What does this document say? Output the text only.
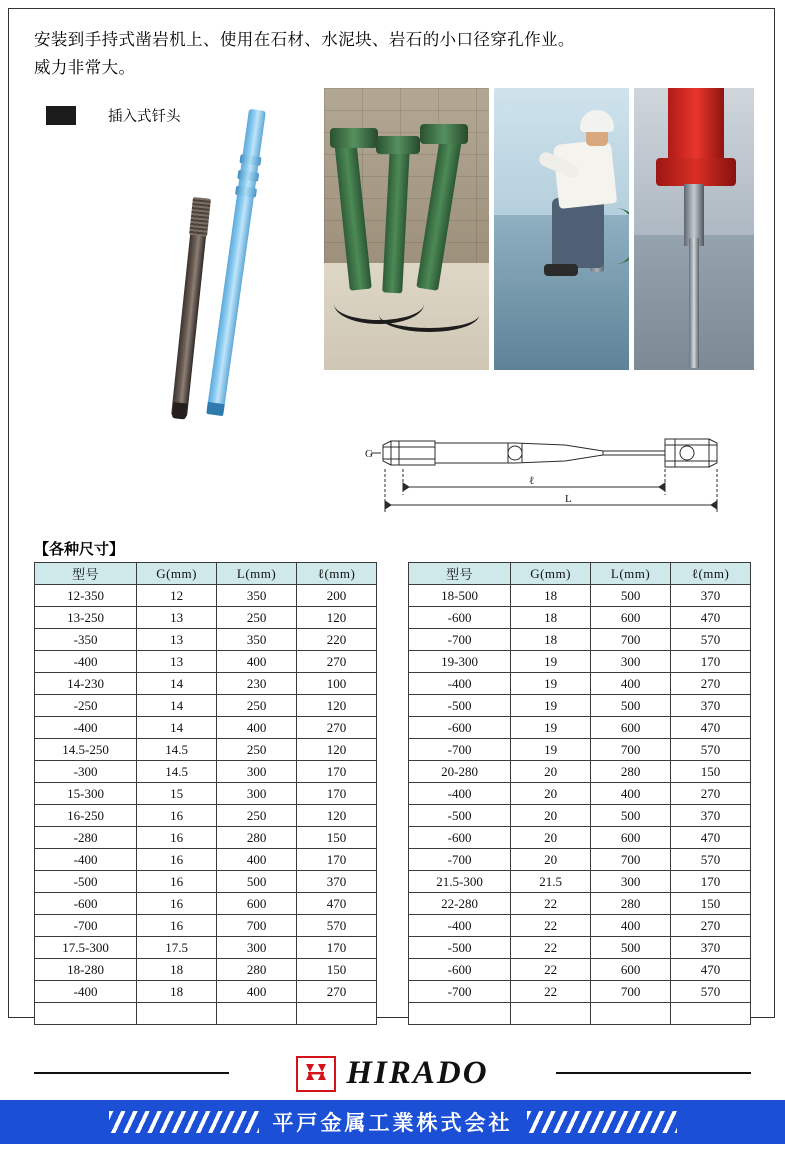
安装到手持式凿岩机上、使用在石材、水泥块、岩石的小口径穿孔作业。
威力非常大。
插入式钎头
G
ℓ
L
【各种尺寸】
型号	G(mm)	L(mm)	ℓ(mm)
12-350	12	350	200
13-250	13	250	120
-350	13	350	220
-400	13	400	270
14-230	14	230	100
-250	14	250	120
-400	14	400	270
14.5-250	14.5	250	120
-300	14.5	300	170
15-300	15	300	170
16-250	16	250	120
-280	16	280	150
-400	16	400	170
-500	16	500	370
-600	16	600	470
-700	16	700	570
17.5-300	17.5	300	170
18-280	18	280	150
-400	18	400	270

型号	G(mm)	L(mm)	ℓ(mm)
18-500	18	500	370
-600	18	600	470
-700	18	700	570
19-300	19	300	170
-400	19	400	270
-500	19	500	370
-600	19	600	470
-700	19	700	570
20-280	20	280	150
-400	20	400	270
-500	20	500	370
-600	20	600	470
-700	20	700	570
21.5-300	21.5	300	170
22-280	22	280	150
-400	22	400	270
-500	22	500	370
-600	22	600	470
-700	22	700	570

HIRADO
平戸金属工業株式会社
